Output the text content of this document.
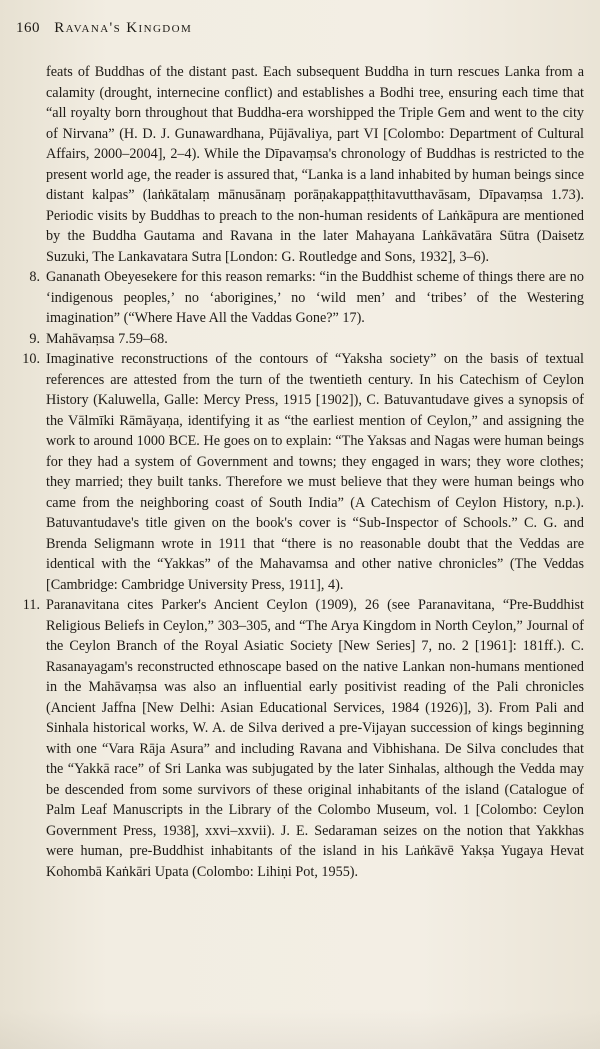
160 Ravana's Kingdom

feats of Buddhas of the distant past. Each subsequent Buddha in turn rescues Lanka from a calamity (drought, internecine conflict) and establishes a Bodhi tree, ensuring each time that “all royalty born throughout that Buddha-era worshipped the Triple Gem and went to the city of Nirvana” (H. D. J. Gunawardhana, Pūjāvaliya, part VI [Colombo: Department of Cultural Affairs, 2000–2004], 2–4). While the Dīpavaṃsa's chronology of Buddhas is restricted to the present world age, the reader is assured that, “Lanka is a land inhabited by human beings since distant kalpas” (laṅkātalaṃ mānusānaṃ porāṇakappaṭṭhitavutthavāsam, Dīpavaṃsa 1.73). Periodic visits by Buddhas to preach to the non-human residents of Laṅkāpura are mentioned by the Buddha Gautama and Ravana in the later Mahayana Laṅkāvatāra Sūtra (Daisetz Suzuki, The Lankavatara Sutra [London: G. Routledge and Sons, 1932], 3–6).

8. Gananath Obeyesekere for this reason remarks: “in the Buddhist scheme of things there are no ‘indigenous peoples,’ no ‘aborigines,’ no ‘wild men’ and ‘tribes’ of the Westering imagination” (“Where Have All the Vaddas Gone?” 17).

9. Mahāvaṃsa 7.59–68.

10. Imaginative reconstructions of the contours of “Yaksha society” on the basis of textual references are attested from the turn of the twentieth century. In his Catechism of Ceylon History (Kaluwella, Galle: Mercy Press, 1915 [1902]), C. Batuvantudave gives a synopsis of the Vālmīki Rāmāyaṇa, identifying it as “the earliest mention of Ceylon,” and assigning the work to around 1000 BCE. He goes on to explain: “The Yaksas and Nagas were human beings for they had a system of Government and towns; they engaged in wars; they wore clothes; they married; they built tanks. Therefore we must believe that they were human beings who came from the neighboring coast of South India” (A Catechism of Ceylon History, n.p.). Batuvantudave's title given on the book's cover is “Sub-Inspector of Schools.” C. G. and Brenda Seligmann wrote in 1911 that “there is no reasonable doubt that the Veddas are identical with the “Yakkas” of the Mahavamsa and other native chronicles” (The Veddas [Cambridge: Cambridge University Press, 1911], 4).

11. Paranavitana cites Parker's Ancient Ceylon (1909), 26 (see Paranavitana, “Pre-Buddhist Religious Beliefs in Ceylon,” 303–305, and “The Arya Kingdom in North Ceylon,” Journal of the Ceylon Branch of the Royal Asiatic Society [New Series] 7, no. 2 [1961]: 181ff.). C. Rasanayagam's reconstructed ethnoscape based on the native Lankan non-humans mentioned in the Mahāvaṃsa was also an influential early positivist reading of the Pali chronicles (Ancient Jaffna [New Delhi: Asian Educational Services, 1984 (1926)], 3). From Pali and Sinhala historical works, W. A. de Silva derived a pre-Vijayan succession of kings beginning with one “Vara Rāja Asura” and including Ravana and Vibhishana. De Silva concludes that the “Yakkā race” of Sri Lanka was subjugated by the later Sinhalas, although the Vedda may be descended from some survivors of these original inhabitants of the island (Catalogue of Palm Leaf Manuscripts in the Library of the Colombo Museum, vol. 1 [Colombo: Ceylon Government Press, 1938], xxvi–xxvii). J. E. Sedaraman seizes on the notion that Yakkhas were human, pre-Buddhist inhabitants of the island in his Laṅkāvē Yakṣa Yugaya Hevat Kohombā Kaṅkāri Upata (Colombo: Lihiṇi Pot, 1955).
